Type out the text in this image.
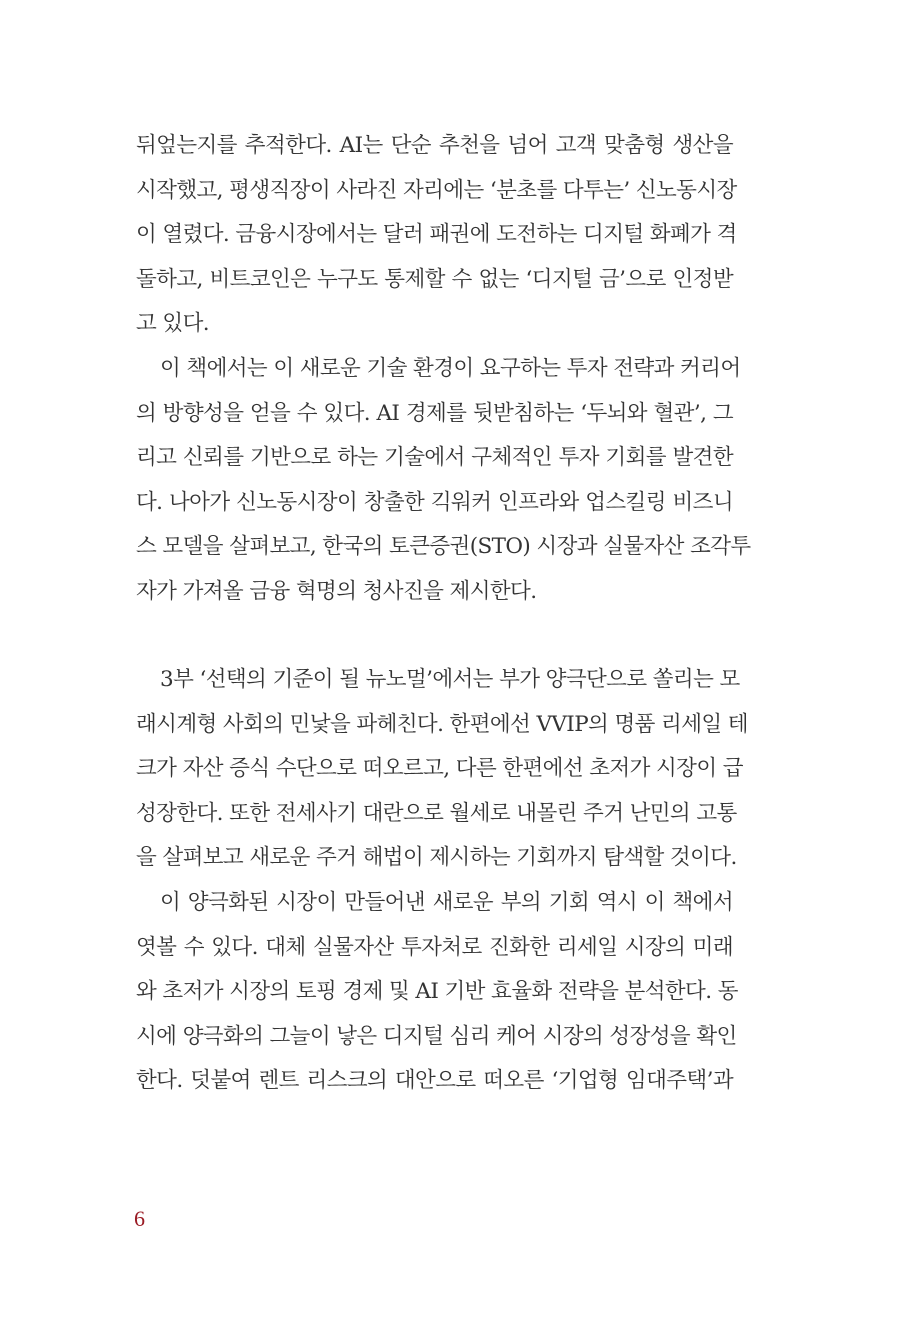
뒤엎는지를 추적한다. AI는 단순 추천을 넘어 고객 맞춤형 생산을
시작했고, 평생직장이 사라진 자리에는 ‘분초를 다투는’ 신노동시장
이 열렸다. 금융시장에서는 달러 패권에 도전하는 디지털 화폐가 격
돌하고, 비트코인은 누구도 통제할 수 없는 ‘디지털 금’으로 인정받
고 있다.
이 책에서는 이 새로운 기술 환경이 요구하는 투자 전략과 커리어
의 방향성을 얻을 수 있다. AI 경제를 뒷받침하는 ‘두뇌와 혈관’, 그
리고 신뢰를 기반으로 하는 기술에서 구체적인 투자 기회를 발견한
다. 나아가 신노동시장이 창출한 긱워커 인프라와 업스킬링 비즈니
스 모델을 살펴보고, 한국의 토큰증권(STO) 시장과 실물자산 조각투
자가 가져올 금융 혁명의 청사진을 제시한다.
3부 ‘선택의 기준이 될 뉴노멀’에서는 부가 양극단으로 쏠리는 모
래시계형 사회의 민낯을 파헤친다. 한편에선 VVIP의 명품 리세일 테
크가 자산 증식 수단으로 떠오르고, 다른 한편에선 초저가 시장이 급
성장한다. 또한 전세사기 대란으로 월세로 내몰린 주거 난민의 고통
을 살펴보고 새로운 주거 해법이 제시하는 기회까지 탐색할 것이다.
이 양극화된 시장이 만들어낸 새로운 부의 기회 역시 이 책에서
엿볼 수 있다. 대체 실물자산 투자처로 진화한 리세일 시장의 미래
와 초저가 시장의 토핑 경제 및 AI 기반 효율화 전략을 분석한다. 동
시에 양극화의 그늘이 낳은 디지털 심리 케어 시장의 성장성을 확인
한다. 덧붙여 렌트 리스크의 대안으로 떠오른 ‘기업형 임대주택’과
6
